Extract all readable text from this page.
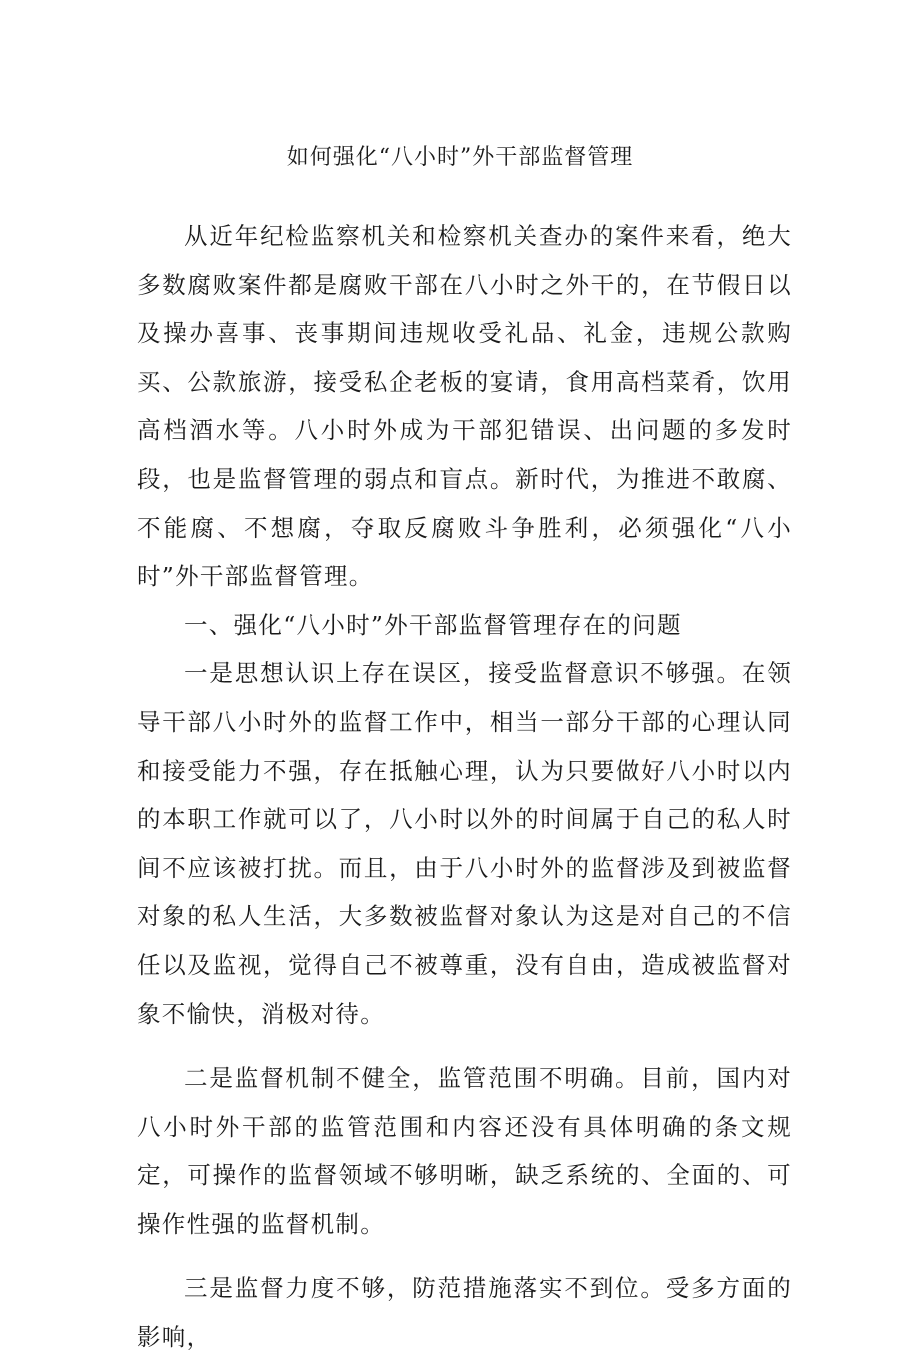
如何强化“八小时”外干部监督管理

从近年纪检监察机关和检察机关查办的案件来看，绝大多数腐败案件都是腐败干部在八小时之外干的，在节假日以及操办喜事、丧事期间违规收受礼品、礼金，违规公款购买、公款旅游，接受私企老板的宴请，食用高档菜肴，饮用高档酒水等。八小时外成为干部犯错误、出问题的多发时段，也是监督管理的弱点和盲点。新时代，为推进不敢腐、不能腐、不想腐，夺取反腐败斗争胜利，必须强化“八小时”外干部监督管理。

一、强化“八小时”外干部监督管理存在的问题

一是思想认识上存在误区，接受监督意识不够强。在领导干部八小时外的监督工作中，相当一部分干部的心理认同和接受能力不强，存在抵触心理，认为只要做好八小时以内的本职工作就可以了，八小时以外的时间属于自己的私人时间不应该被打扰。而且，由于八小时外的监督涉及到被监督对象的私人生活，大多数被监督对象认为这是对自己的不信任以及监视，觉得自己不被尊重，没有自由，造成被监督对象不愉快，消极对待。

二是监督机制不健全，监管范围不明确。目前，国内对八小时外干部的监管范围和内容还没有具体明确的条文规定，可操作的监督领域不够明晰，缺乏系统的、全面的、可操作性强的监督机制。

三是监督力度不够，防范措施落实不到位。受多方面的影响，
